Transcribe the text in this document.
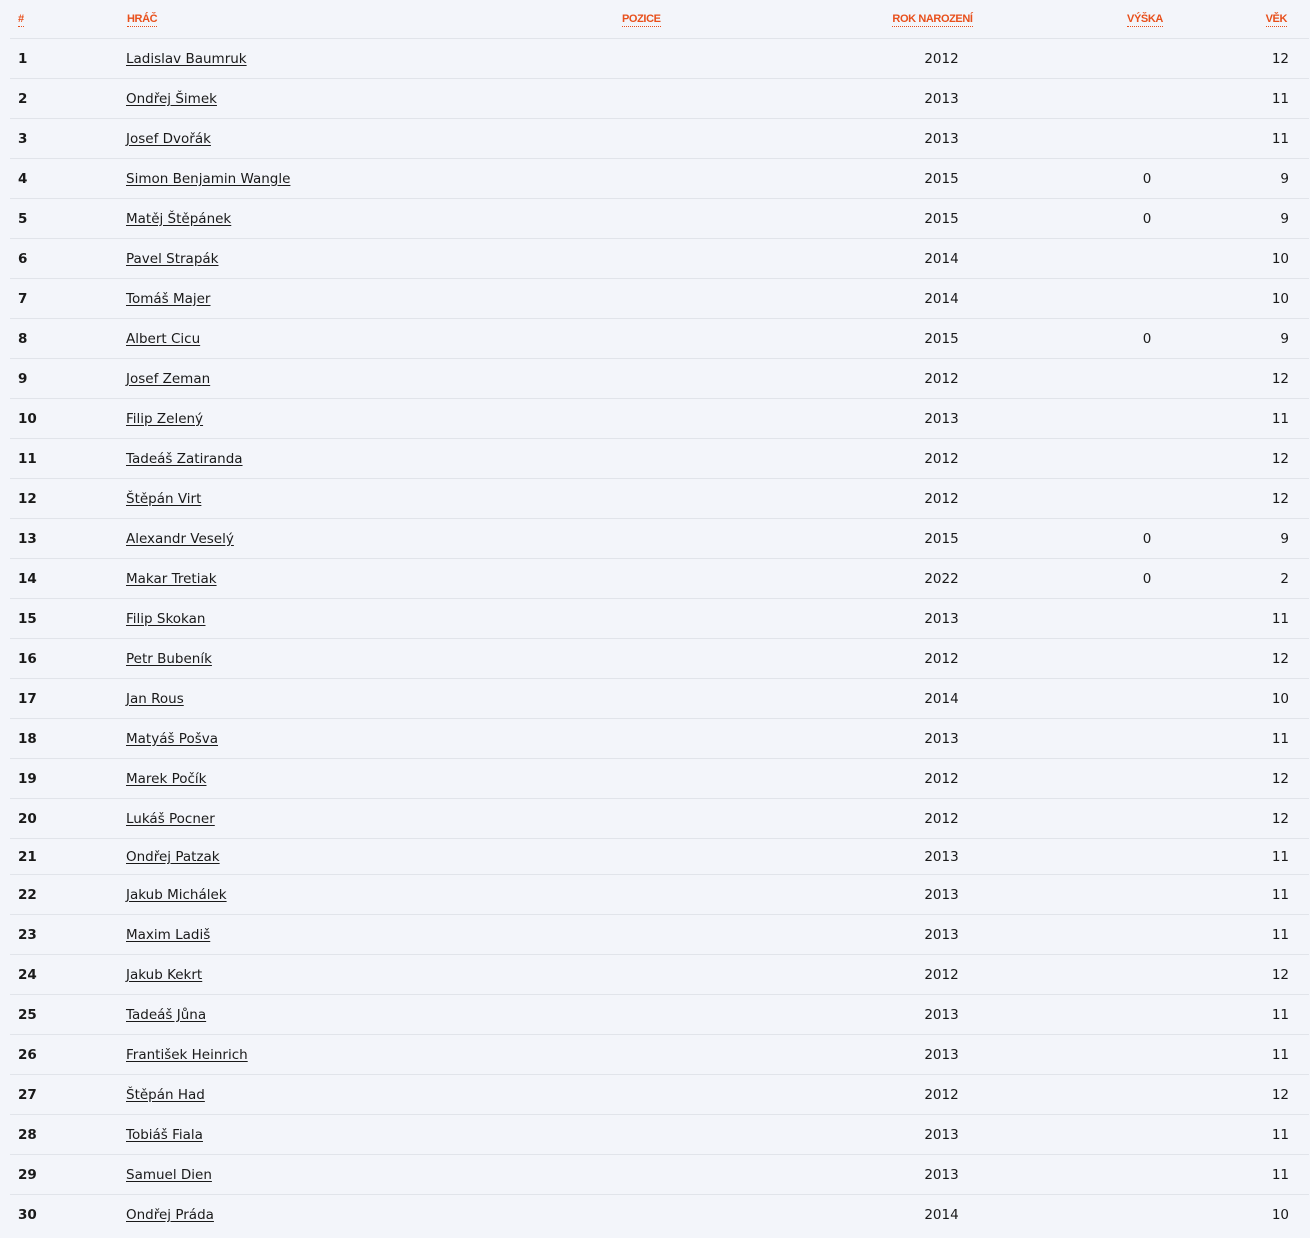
#	HRÁČ	POZICE	ROK NAROZENÍ	VÝŠKA	VĚK
1	Ladislav Baumruk		2012		12
2	Ondřej Šimek		2013		11
3	Josef Dvořák		2013		11
4	Simon Benjamin Wangle		2015	0	9
5	Matěj Štěpánek		2015	0	9
6	Pavel Strapák		2014		10
7	Tomáš Majer		2014		10
8	Albert Cicu		2015	0	9
9	Josef Zeman		2012		12
10	Filip Zelený		2013		11
11	Tadeáš Zatiranda		2012		12
12	Štěpán Virt		2012		12
13	Alexandr Veselý		2015	0	9
14	Makar Tretiak		2022	0	2
15	Filip Skokan		2013		11
16	Petr Bubeník		2012		12
17	Jan Rous		2014		10
18	Matyáš Pošva		2013		11
19	Marek Počík		2012		12
20	Lukáš Pocner		2012		12
21	Ondřej Patzak		2013		11
22	Jakub Michálek		2013		11
23	Maxim Ladiš		2013		11
24	Jakub Kekrt		2012		12
25	Tadeáš Jůna		2013		11
26	František Heinrich		2013		11
27	Štěpán Had		2012		12
28	Tobiáš Fiala		2013		11
29	Samuel Dien		2013		11
30	Ondřej Práda		2014		10
